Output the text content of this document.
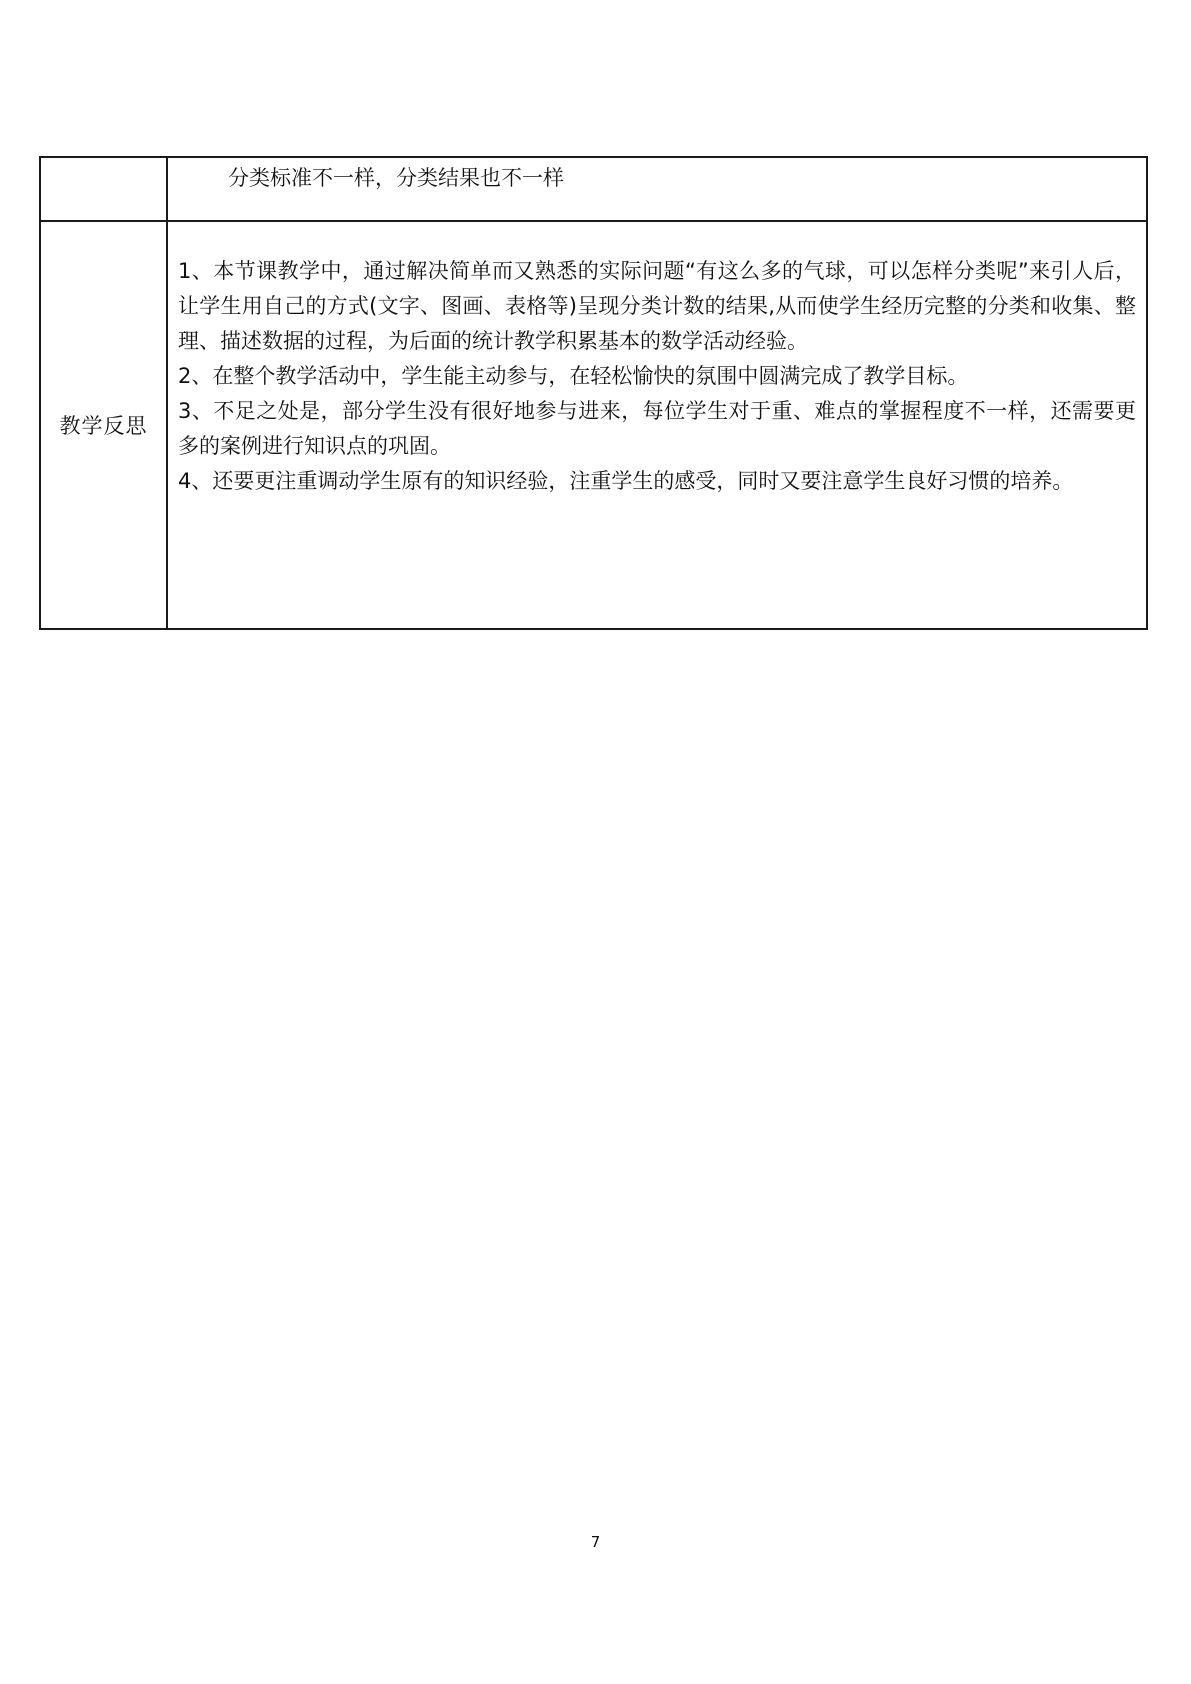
	分类标准不一样，分类结果也不一样

教学反思	1、本节课教学中，通过解决简单而又熟悉的实际问题“有这么多的气球，可以怎样分类呢”来引人后，让学生用自己的方式(文字、图画、表格等)呈现分类计数的结果,从而使学生经历完整的分类和收集、整理、描述数据的过程，为后面的统计教学积累基本的数学活动经验。

2、在整个教学活动中，学生能主动参与，在轻松愉快的氛围中圆满完成了教学目标。

3、不足之处是，部分学生没有很好地参与进来，每位学生对于重、难点的掌握程度不一样，还需要更多的案例进行知识点的巩固。

4、还要更注重调动学生原有的知识经验，注重学生的感受，同时又要注意学生良好习惯的培养。

7
